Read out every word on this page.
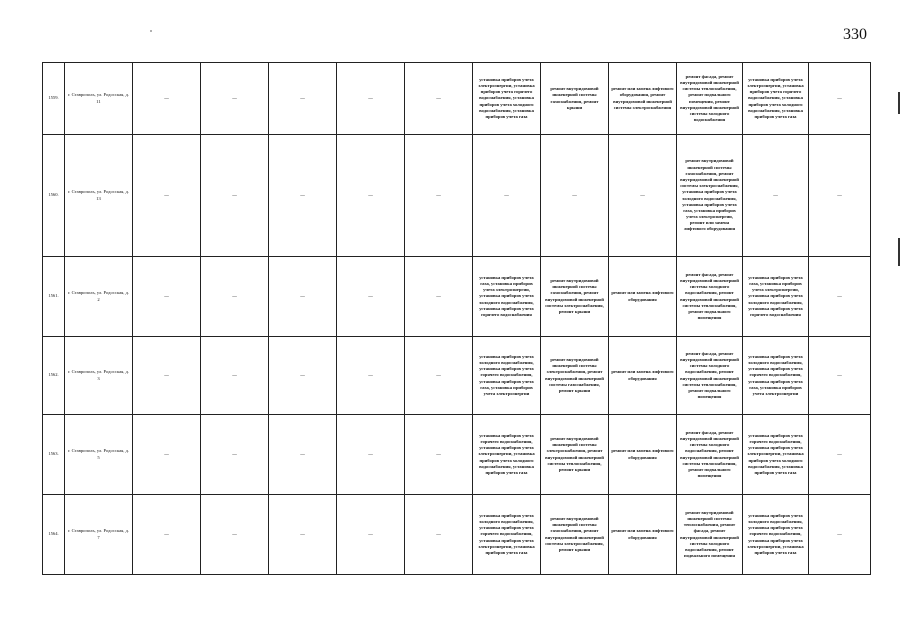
330
1559.	г. Ставрополь, ул. Родосская, д. 11	—	—	—	—	—	установка приборов учета электроэнергии, установка приборов учета горячего водоснабжения, установка приборов учета холодного водоснабжения, установка приборов учета газа	ремонт внутридомовой инженерной системы газоснабжения, ремонт крыши	ремонт или замена лифтового оборудования, ремонт внутридомовой инженерной системы электроснабжения	ремонт фасада, ремонт внутридомовой инженерной системы теплоснабжения, ремонт подвального помещения, ремонт внутридомовой инженерной системы холодного водоснабжения	установка приборов учета электроэнергии, установка приборов учета горячего водоснабжения, установка приборов учета холодного водоснабжения, установка приборов учета газа	—
1560.	г. Ставрополь, ул. Родосская, д. 13	—	—	—	—	—	—	—	—	ремонт внутридомовой инженерной системы газоснабжения, ремонт внутридомовой инженерной системы электроснабжения, установка приборов учета холодного водоснабжения, установка приборов учета газа, установка приборов учета электроэнергии, ремонт или замена лифтового оборудования	—	—
1561.	г. Ставрополь, ул. Родосская, д. 2	—	—	—	—	—	установка приборов учета газа, установка приборов учета электроэнергии, установка приборов учета холодного водоснабжения, установка приборов учета горячего водоснабжения	ремонт внутридомовой инженерной системы газоснабжения, ремонт внутридомовой инженерной системы электроснабжения, ремонт крыши	ремонт или замена лифтового оборудования	ремонт фасада, ремонт внутридомовой инженерной системы холодного водоснабжения, ремонт внутридомовой инженерной системы теплоснабжения, ремонт подвального помещения	установка приборов учета газа, установка приборов учета электроэнергии, установка приборов учета холодного водоснабжения, установка приборов учета горячего водоснабжения	—
1562.	г. Ставрополь, ул. Родосская, д. 3	—	—	—	—	—	установка приборов учета холодного водоснабжения, установка приборов учета горячего водоснабжения, установка приборов учета газа, установка приборов учета электроэнергии	ремонт внутридомовой инженерной системы электроснабжения, ремонт внутридомовой инженерной системы газоснабжения, ремонт крыши	ремонт или замена лифтового оборудования	ремонт фасада, ремонт внутридомовой инженерной системы холодного водоснабжения, ремонт внутридомовой инженерной системы теплоснабжения, ремонт подвального помещения	установка приборов учета холодного водоснабжения, установка приборов учета горячего водоснабжения, установка приборов учета газа, установка приборов учета электроэнергии	—
1563.	г. Ставрополь, ул. Родосская, д. 5	—	—	—	—	—	установка приборов учета горячего водоснабжения, установка приборов учета электроэнергии, установка приборов учета холодного водоснабжения, установка приборов учета газа	ремонт внутридомовой инженерной системы электроснабжения, ремонт внутридомовой инженерной системы теплоснабжения, ремонт крыши	ремонт или замена лифтового оборудования	ремонт фасада, ремонт внутридомовой инженерной системы холодного водоснабжения, ремонт внутридомовой инженерной системы теплоснабжения, ремонт подвального помещения	установка приборов учета горячего водоснабжения, установка приборов учета электроэнергии, установка приборов учета холодного водоснабжения, установка приборов учета газа	—
1564.	г. Ставрополь, ул. Родосская, д. 7	—	—	—	—	—	установка приборов учета холодного водоснабжения, установка приборов учета горячего водоснабжения, установка приборов учета электроэнергии, установка приборов учета газа	ремонт внутридомовой инженерной системы газоснабжения, ремонт внутридомовой инженерной системы электроснабжения, ремонт крыши	ремонт или замена лифтового оборудования	ремонт внутридомовой инженерной системы теплоснабжения, ремонт фасада, ремонт внутридомовой инженерной системы холодного водоснабжения, ремонт подвального помещения	установка приборов учета холодного водоснабжения, установка приборов учета горячего водоснабжения, установка приборов учета электроэнергии, установка приборов учета газа	—
